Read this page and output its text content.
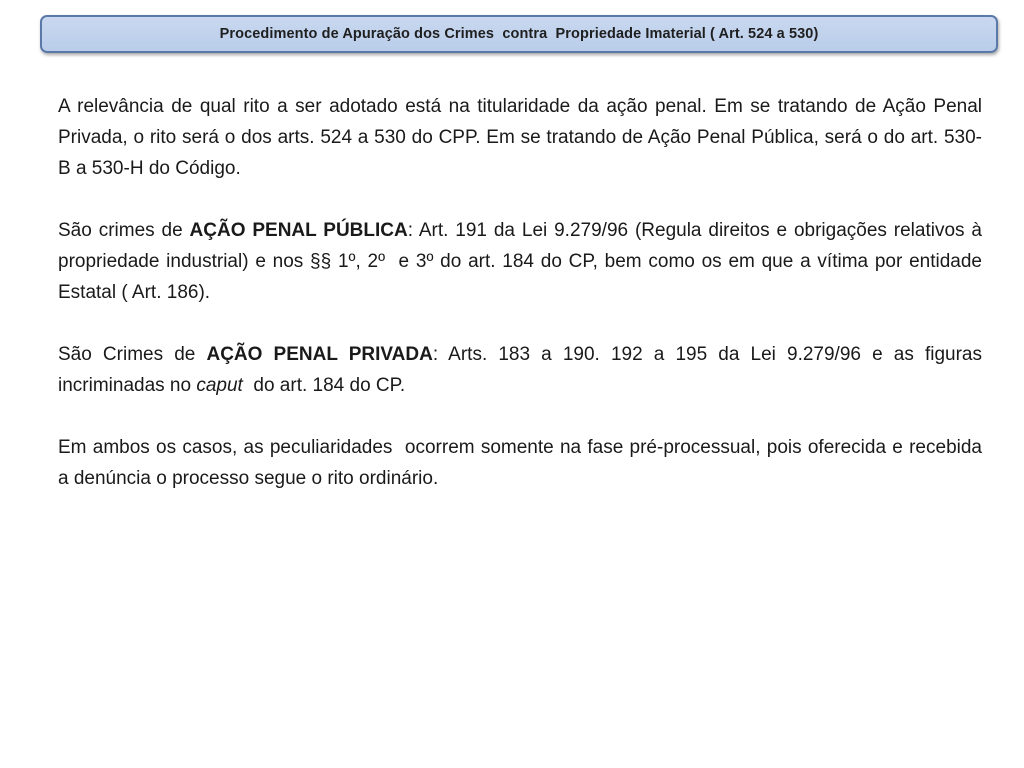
Procedimento de Apuração dos Crimes  contra  Propriedade Imaterial ( Art. 524 a 530)

A relevância de qual rito a ser adotado está na titularidade da ação penal. Em se tratando de Ação Penal Privada, o rito será o dos arts. 524 a 530 do CPP. Em se tratando de Ação Penal Pública, será o do art. 530-B a 530-H do Código.

São crimes de AÇÃO PENAL PÚBLICA: Art. 191 da Lei 9.279/96 (Regula direitos e obrigações relativos à propriedade industrial) e nos §§ 1º, 2º  e 3º do art. 184 do CP, bem como os em que a vítima por entidade Estatal ( Art. 186).

São Crimes de AÇÃO PENAL PRIVADA: Arts. 183 a 190. 192 a 195 da Lei 9.279/96 e as figuras incriminadas no caput  do art. 184 do CP.

Em ambos os casos, as peculiaridades  ocorrem somente na fase pré-processual, pois oferecida e recebida a denúncia o processo segue o rito ordinário.
